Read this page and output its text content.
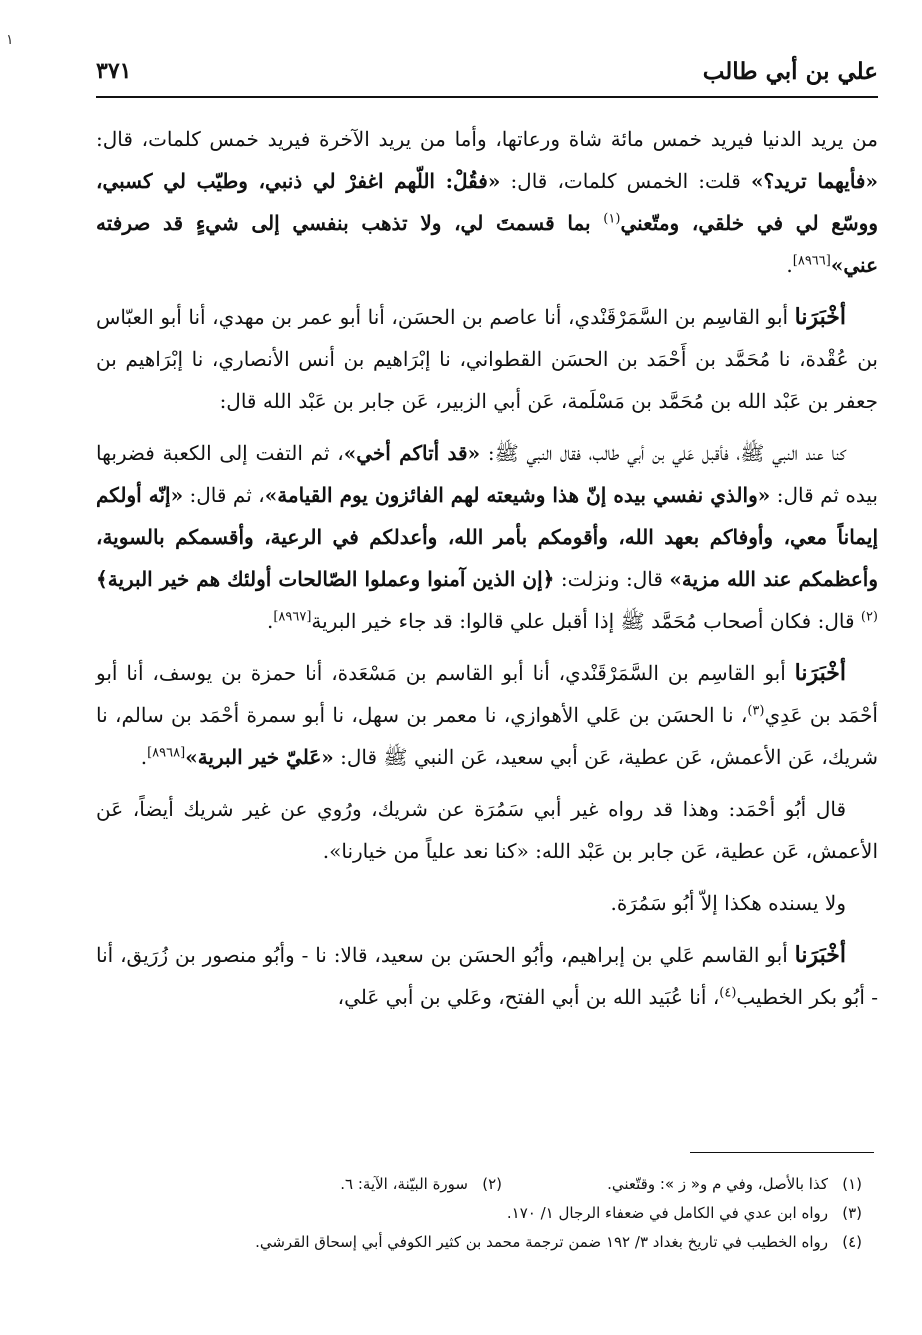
١
علي بن أبي طالب
٣٧١

من يريد الدنيا فيريد خمس مائة شاة ورعاتها، وأما من يريد الآخرة فيريد خمس كلمات، قال: «فأيهما تريد؟» قلت: الخمس كلمات، قال: «فقُلْ: اللّهم اغفرْ لي ذنبي، وطيّب لي كسبي، ووسّع لي في خلقي، ومتّعني$^{(١)}$ بما قسمتَ لي، ولا تذهب بنفسي إلى شيءٍ قد صرفته عني»[٨٩٦٦].

أخْبَرَنا أبو القاسِم بن السَّمَرْقَنْدي، أنا عاصم بن الحسَن، أنا أبو عمر بن مهدي، أنا أبو العبّاس بن عُقْدة، نا مُحَمَّد بن أَحْمَد بن الحسَن القطواني، نا إبْرَاهيم بن أنس الأنصاري، نا إبْرَاهيم بن جعفر بن عَبْد الله بن مُحَمَّد بن مَسْلَمة، عَن أبي الزبير، عَن جابر بن عَبْد الله قال:

كنا عند النبي ﷺ، فأقبل عَلي بن أبي طالب، فقال النبي ﷺ: «قد أتاكم أخي»، ثم التفت إلى الكعبة فضربها بيده ثم قال: «والذي نفسي بيده إنّ هذا وشيعته لهم الفائزون يوم القيامة»، ثم قال: «إنّه أولكم إيماناً معي، وأوفاكم بعهد الله، وأقومكم بأمر الله، وأعدلكم في الرعية، وأقسمكم بالسوية، وأعظمكم عند الله مزية» قال: ونزلت: ﴿إن الذين آمنوا وعملوا الصّالحات أولئك هم خير البرية﴾$^{(٢)}$ قال: فكان أصحاب مُحَمَّد ﷺ إذا أقبل علي قالوا: قد جاء خير البرية[٨٩٦٧].

أخْبَرَنا أبو القاسِم بن السَّمَرْقَنْدي، أنا أبو القاسم بن مَسْعَدة، أنا حمزة بن يوسف، أنا أبو أحْمَد بن عَدِي$^{(٣)}$، نا الحسَن بن عَلي الأهوازي، نا معمر بن سهل، نا أبو سمرة أحْمَد بن سالم، نا شريك، عَن الأعمش، عَن عطية، عَن أبي سعيد، عَن النبي ﷺ قال: «عَليّ خير البرية»[٨٩٦٨].

قال أبُو أحْمَد: وهذا قد رواه غير أبي سَمُرَة عن شريك، ورُوي عن غير شريك أيضاً، عَن الأعمش، عَن عطية، عَن جابر بن عَبْد الله: «كنا نعد علياً من خيارنا».

ولا يسنده هكذا إلاّ أبُو سَمُرَة.

أخْبَرَنا أبو القاسم عَلي بن إبراهيم، وأبُو الحسَن بن سعيد، قالا: نا - وأبُو منصور بن زُرَيق، أنا - أبُو بكر الخطيب$^{(٤)}$، أنا عُبَيد الله بن أبي الفتح، وعَلي بن أبي عَلي،

(١)كذا بالأصل، وفي م و« ز »: وقتّعني.
(٢)سورة البيّنة، الآية: ٦.
(٣)رواه ابن عدي في الكامل في ضعفاء الرجال ١/ ١٧٠.
(٤)رواه الخطيب في تاريخ بغداد ٣/ ١٩٢ ضمن ترجمة محمد بن كثير الكوفي أبي إسحاق القرشي.
